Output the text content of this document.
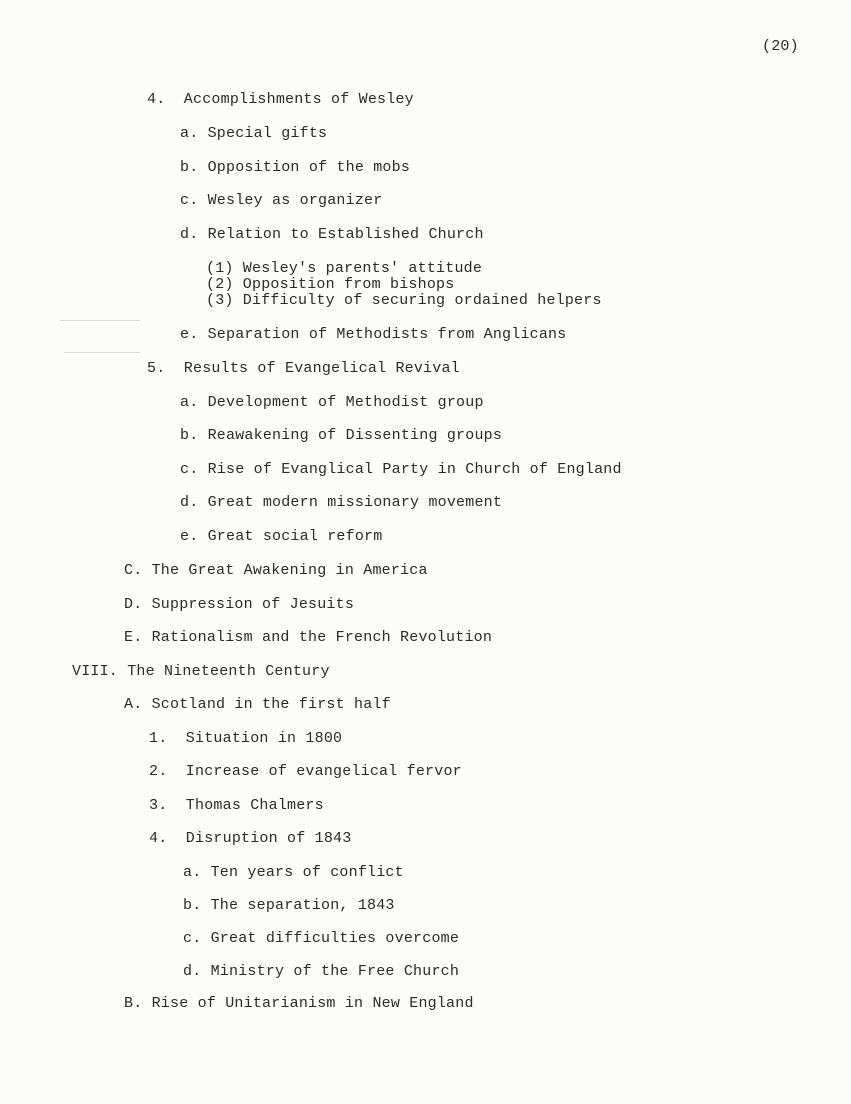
(20)
4.  Accomplishments of Wesley
a. Special gifts
b. Opposition of the mobs
c. Wesley as organizer
d. Relation to Established Church
(1) Wesley's parents' attitude
(2) Opposition from bishops
(3) Difficulty of securing ordained helpers
e. Separation of Methodists from Anglicans
5.  Results of Evangelical Revival
a. Development of Methodist group
b. Reawakening of Dissenting groups
c. Rise of Evanglical Party in Church of England
d. Great modern missionary movement
e. Great social reform
C. The Great Awakening in America
D. Suppression of Jesuits
E. Rationalism and the French Revolution
VIII. The Nineteenth Century
A. Scotland in the first half
1.  Situation in 1800
2.  Increase of evangelical fervor
3.  Thomas Chalmers
4.  Disruption of 1843
a. Ten years of conflict
b. The separation, 1843
c. Great difficulties overcome
d. Ministry of the Free Church
B. Rise of Unitarianism in New England
